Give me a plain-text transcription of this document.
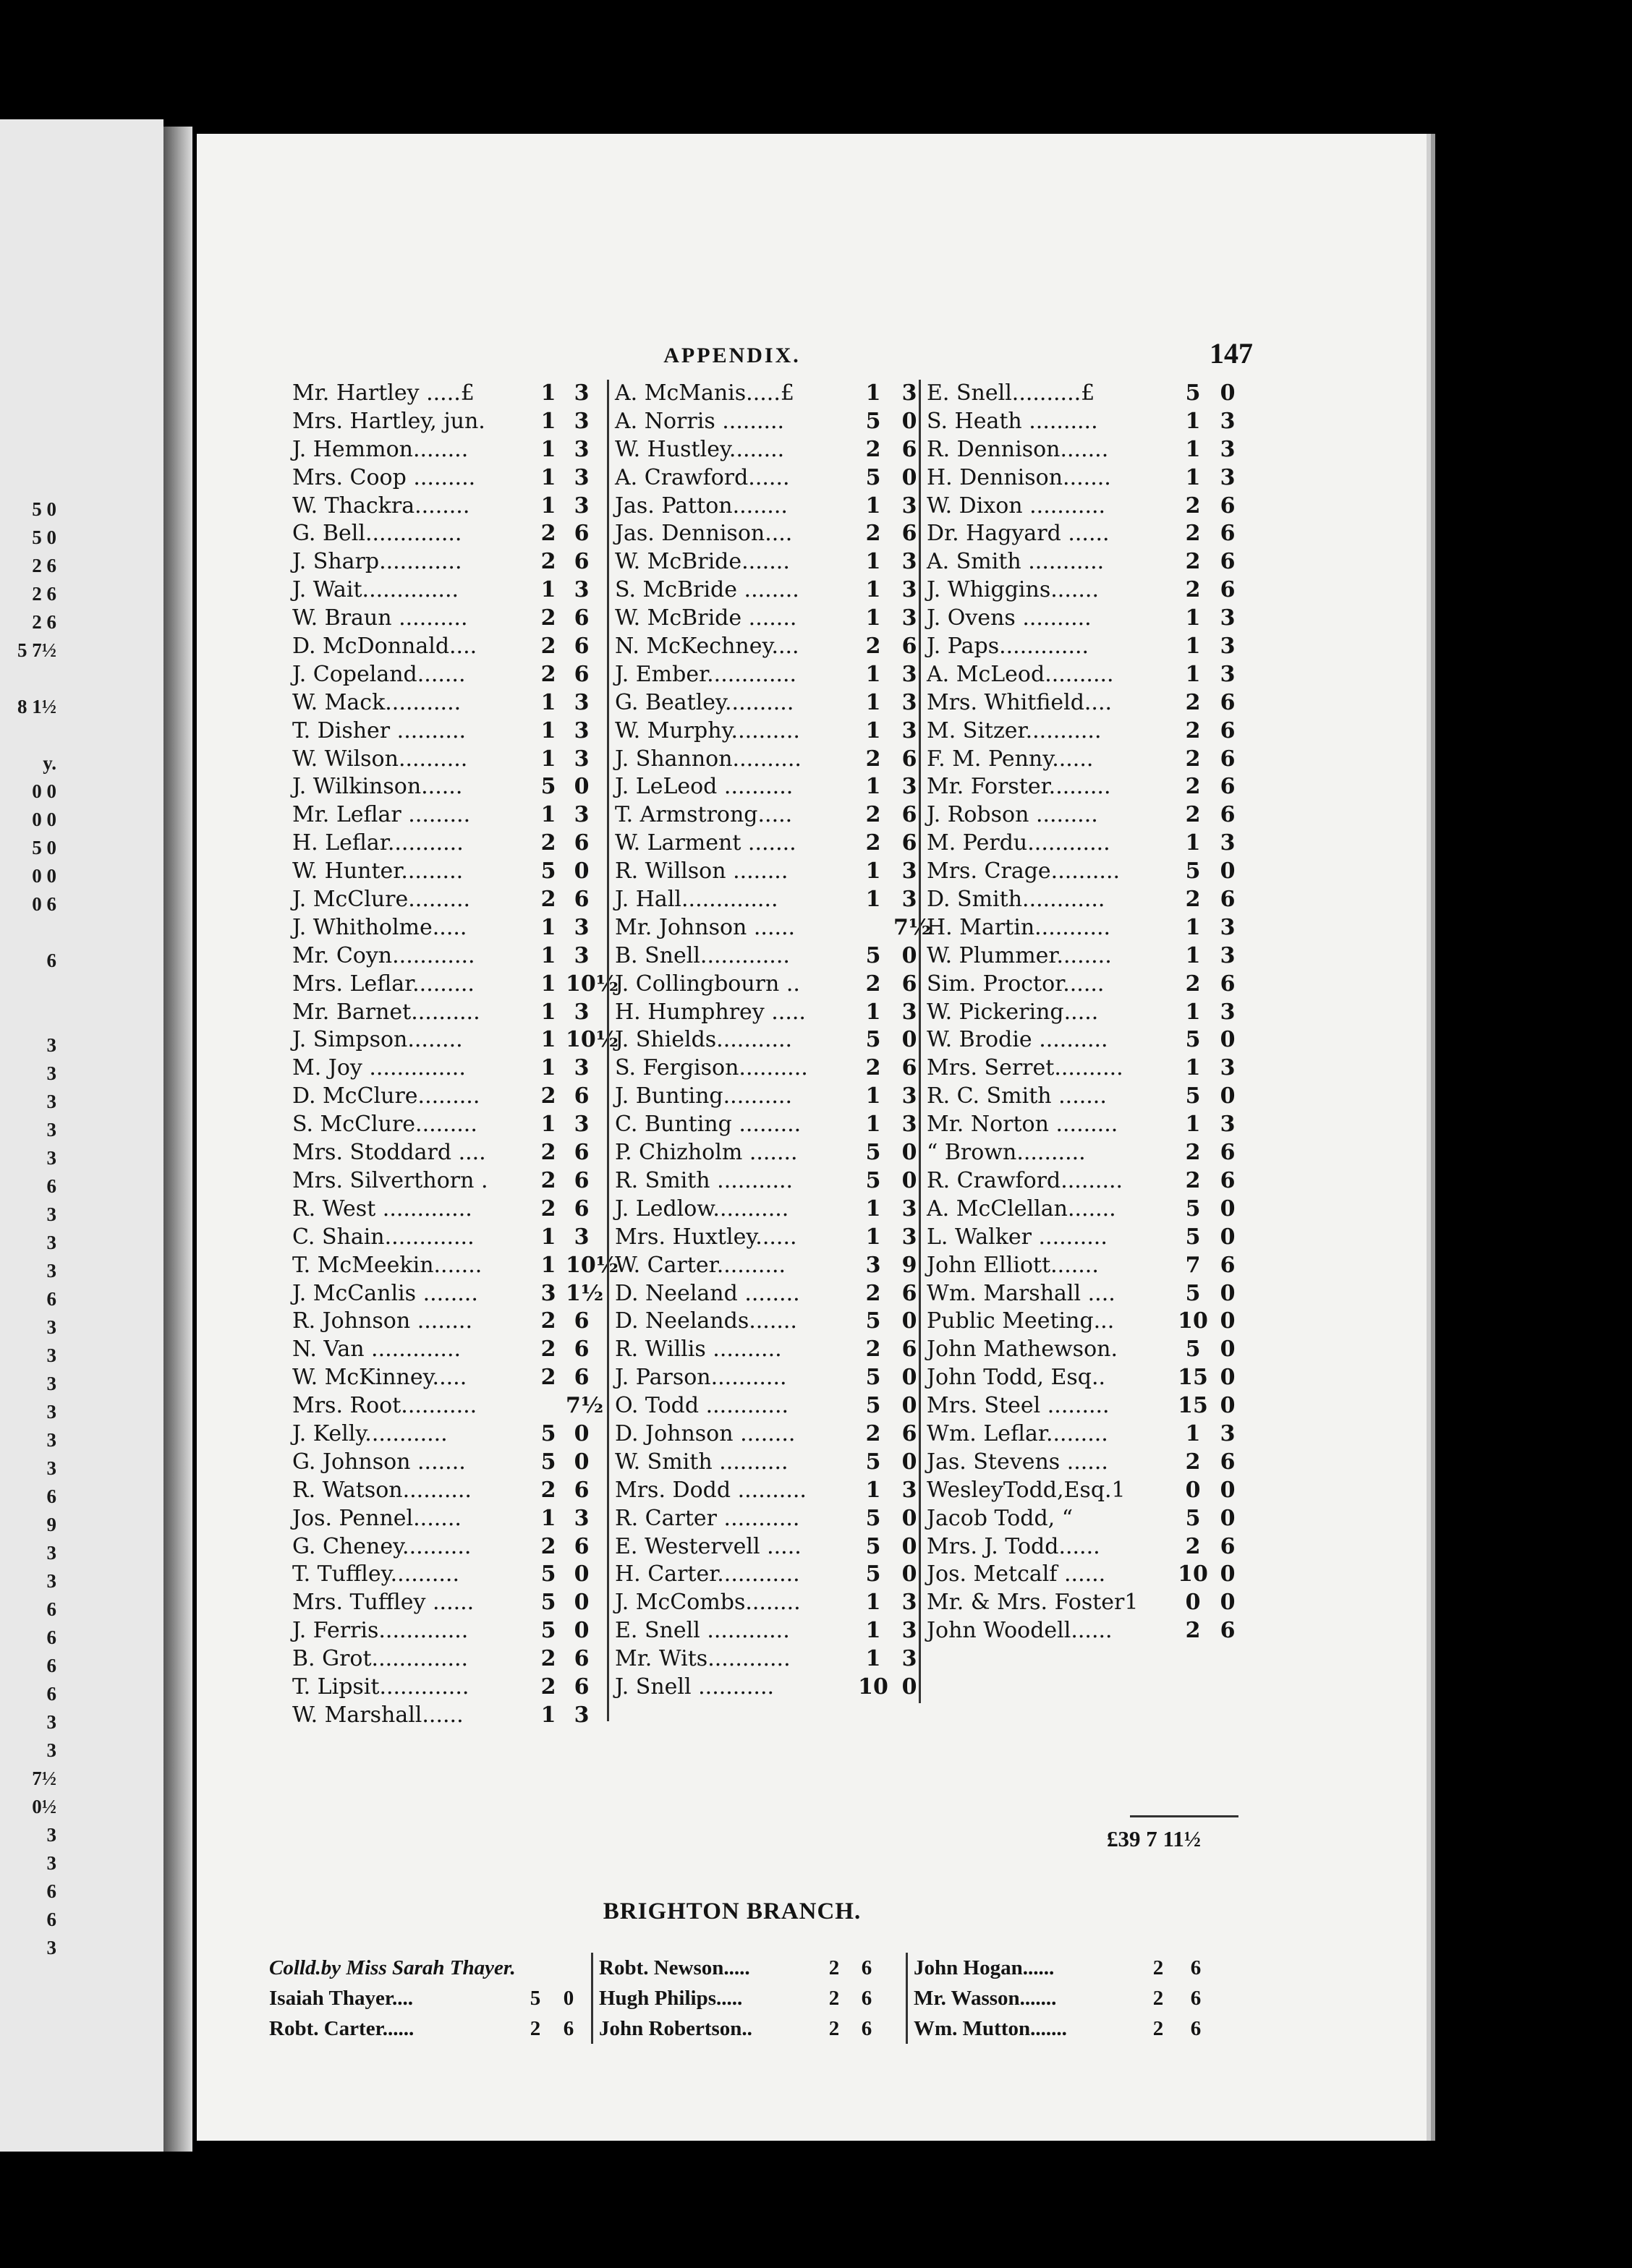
5 0
5 0
2 6
2 6
2 6
5 7½
8 1½
y.
0 0
0 0
5 0
0 0
0 6
6
3
3
3
3
3
6
3
3
3
6
3
3
3
3
3
3
6
9
3
3
6
6
6
6
3
3
7½
0½
3
3
6
6
3
APPENDIX.	147
Mr. Hartley .....£	1 3
Mrs. Hartley, jun.	1 3
J. Hemmon........	1 3
Mrs. Coop .........	1 3
W. Thackra........	1 3
G. Bell..............	2 6
J. Sharp............	2 6
J. Wait..............	1 3
W. Braun ..........	2 6
D. McDonnald....	2 6
J. Copeland.......	2 6
W. Mack...........	1 3
T. Disher ..........	1 3
W. Wilson..........	1 3
J. Wilkinson......	5 0
Mr. Leflar .........	1 3
H. Leflar...........	2 6
W. Hunter.........	5 0
J. McClure.........	2 6
J. Whitholme.....	1 3
Mr. Coyn............	1 3
Mrs. Leflar.........	1 10½
Mr. Barnet..........	1 3
J. Simpson........	1 10½
M. Joy ..............	1 3
D. McClure.........	2 6
S. McClure.........	1 3
Mrs. Stoddard ....	2 6
Mrs. Silverthorn .	2 6
R. West .............	2 6
C. Shain.............	1 3
T. McMeekin.......	1 10½
J. McCanlis ........	3 1½
R. Johnson ........	2 6
N. Van .............	2 6
W. McKinney.....	2 6
Mrs. Root...........	7½
J. Kelly............	5 0
G. Johnson .......	5 0
R. Watson..........	2 6
Jos. Pennel.......	1 3
G. Cheney..........	2 6
T. Tuffley..........	5 0
Mrs. Tuffley ......	5 0
J. Ferris.............	5 0
B. Grot..............	2 6
T. Lipsit.............	2 6
W. Marshall......	1 3
A. McManis.....£	1 3
A. Norris .........	5 0
W. Hustley........	2 6
A. Crawford......	5 0
Jas. Patton........	1 3
Jas. Dennison....	2 6
W. McBride.......	1 3
S. McBride ........	1 3
W. McBride .......	1 3
N. McKechney....	2 6
J. Ember.............	1 3
G. Beatley..........	1 3
W. Murphy..........	1 3
J. Shannon..........	2 6
J. LeLeod ..........	1 3
T. Armstrong.....	2 6
W. Larment .......	2 6
R. Willson ........	1 3
J. Hall..............	1 3
Mr. Johnson ......	7½
B. Snell.............	5 0
J. Collingbourn ..	2 6
H. Humphrey .....	1 3
J. Shields...........	5 0
S. Fergison..........	2 6
J. Bunting..........	1 3
C. Bunting .........	1 3
P. Chizholm .......	5 0
R. Smith ...........	5 0
J. Ledlow...........	1 3
Mrs. Huxtley......	1 3
W. Carter..........	3 9
D. Neeland ........	2 6
D. Neelands.......	5 0
R. Willis ..........	2 6
J. Parson...........	5 0
O. Todd ............	5 0
D. Johnson ........	2 6
W. Smith ..........	5 0
Mrs. Dodd ..........	1 3
R. Carter ...........	5 0
E. Westervell .....	5 0
H. Carter............	5 0
J. McCombs........	1 3
E. Snell ............	1 3
Mr. Wits............	1 3
J. Snell ...........	10 0
E. Snell..........£	5 0
S. Heath ..........	1 3
R. Dennison.......	1 3
H. Dennison.......	1 3
W. Dixon ...........	2 6
Dr. Hagyard ......	2 6
A. Smith ...........	2 6
J. Whiggins.......	2 6
J. Ovens ..........	1 3
J. Paps.............	1 3
A. McLeod..........	1 3
Mrs. Whitfield....	2 6
M. Sitzer...........	2 6
F. M. Penny......	2 6
Mr. Forster.........	2 6
J. Robson .........	2 6
M. Perdu............	1 3
Mrs. Crage..........	5 0
D. Smith............	2 6
H. Martin...........	1 3
W. Plummer........	1 3
Sim. Proctor......	2 6
W. Pickering.....	1 3
W. Brodie ..........	5 0
Mrs. Serret..........	1 3
R. C. Smith .......	5 0
Mr. Norton .........	1 3
“ Brown..........	2 6
R. Crawford.........	2 6
A. McClellan.......	5 0
L. Walker ..........	5 0
John Elliott.......	7 6
Wm. Marshall ....	5 0
Public Meeting...	10 0
John Mathewson.	5 0
John Todd, Esq..	15 0
Mrs. Steel .........	15 0
Wm. Leflar.........	1 3
Jas. Stevens ......	2 6
WesleyTodd,Esq.1	0 0
Jacob Todd, “	5 0
Mrs. J. Todd......	2 6
Jos. Metcalf ......	10 0
Mr. & Mrs. Foster1	0 0
John Woodell......	2 6
£39 7 11½
BRIGHTON BRANCH.
Colld.by Miss Sarah Thayer.
Isaiah Thayer....	5	0
Robt. Carter......	2	6
Robt. Newson.....	2	6
Hugh Philips.....	2	6
John Robertson..	2	6
John Hogan......	2	6
Mr. Wasson.......	2	6
Wm. Mutton.......	2	6
